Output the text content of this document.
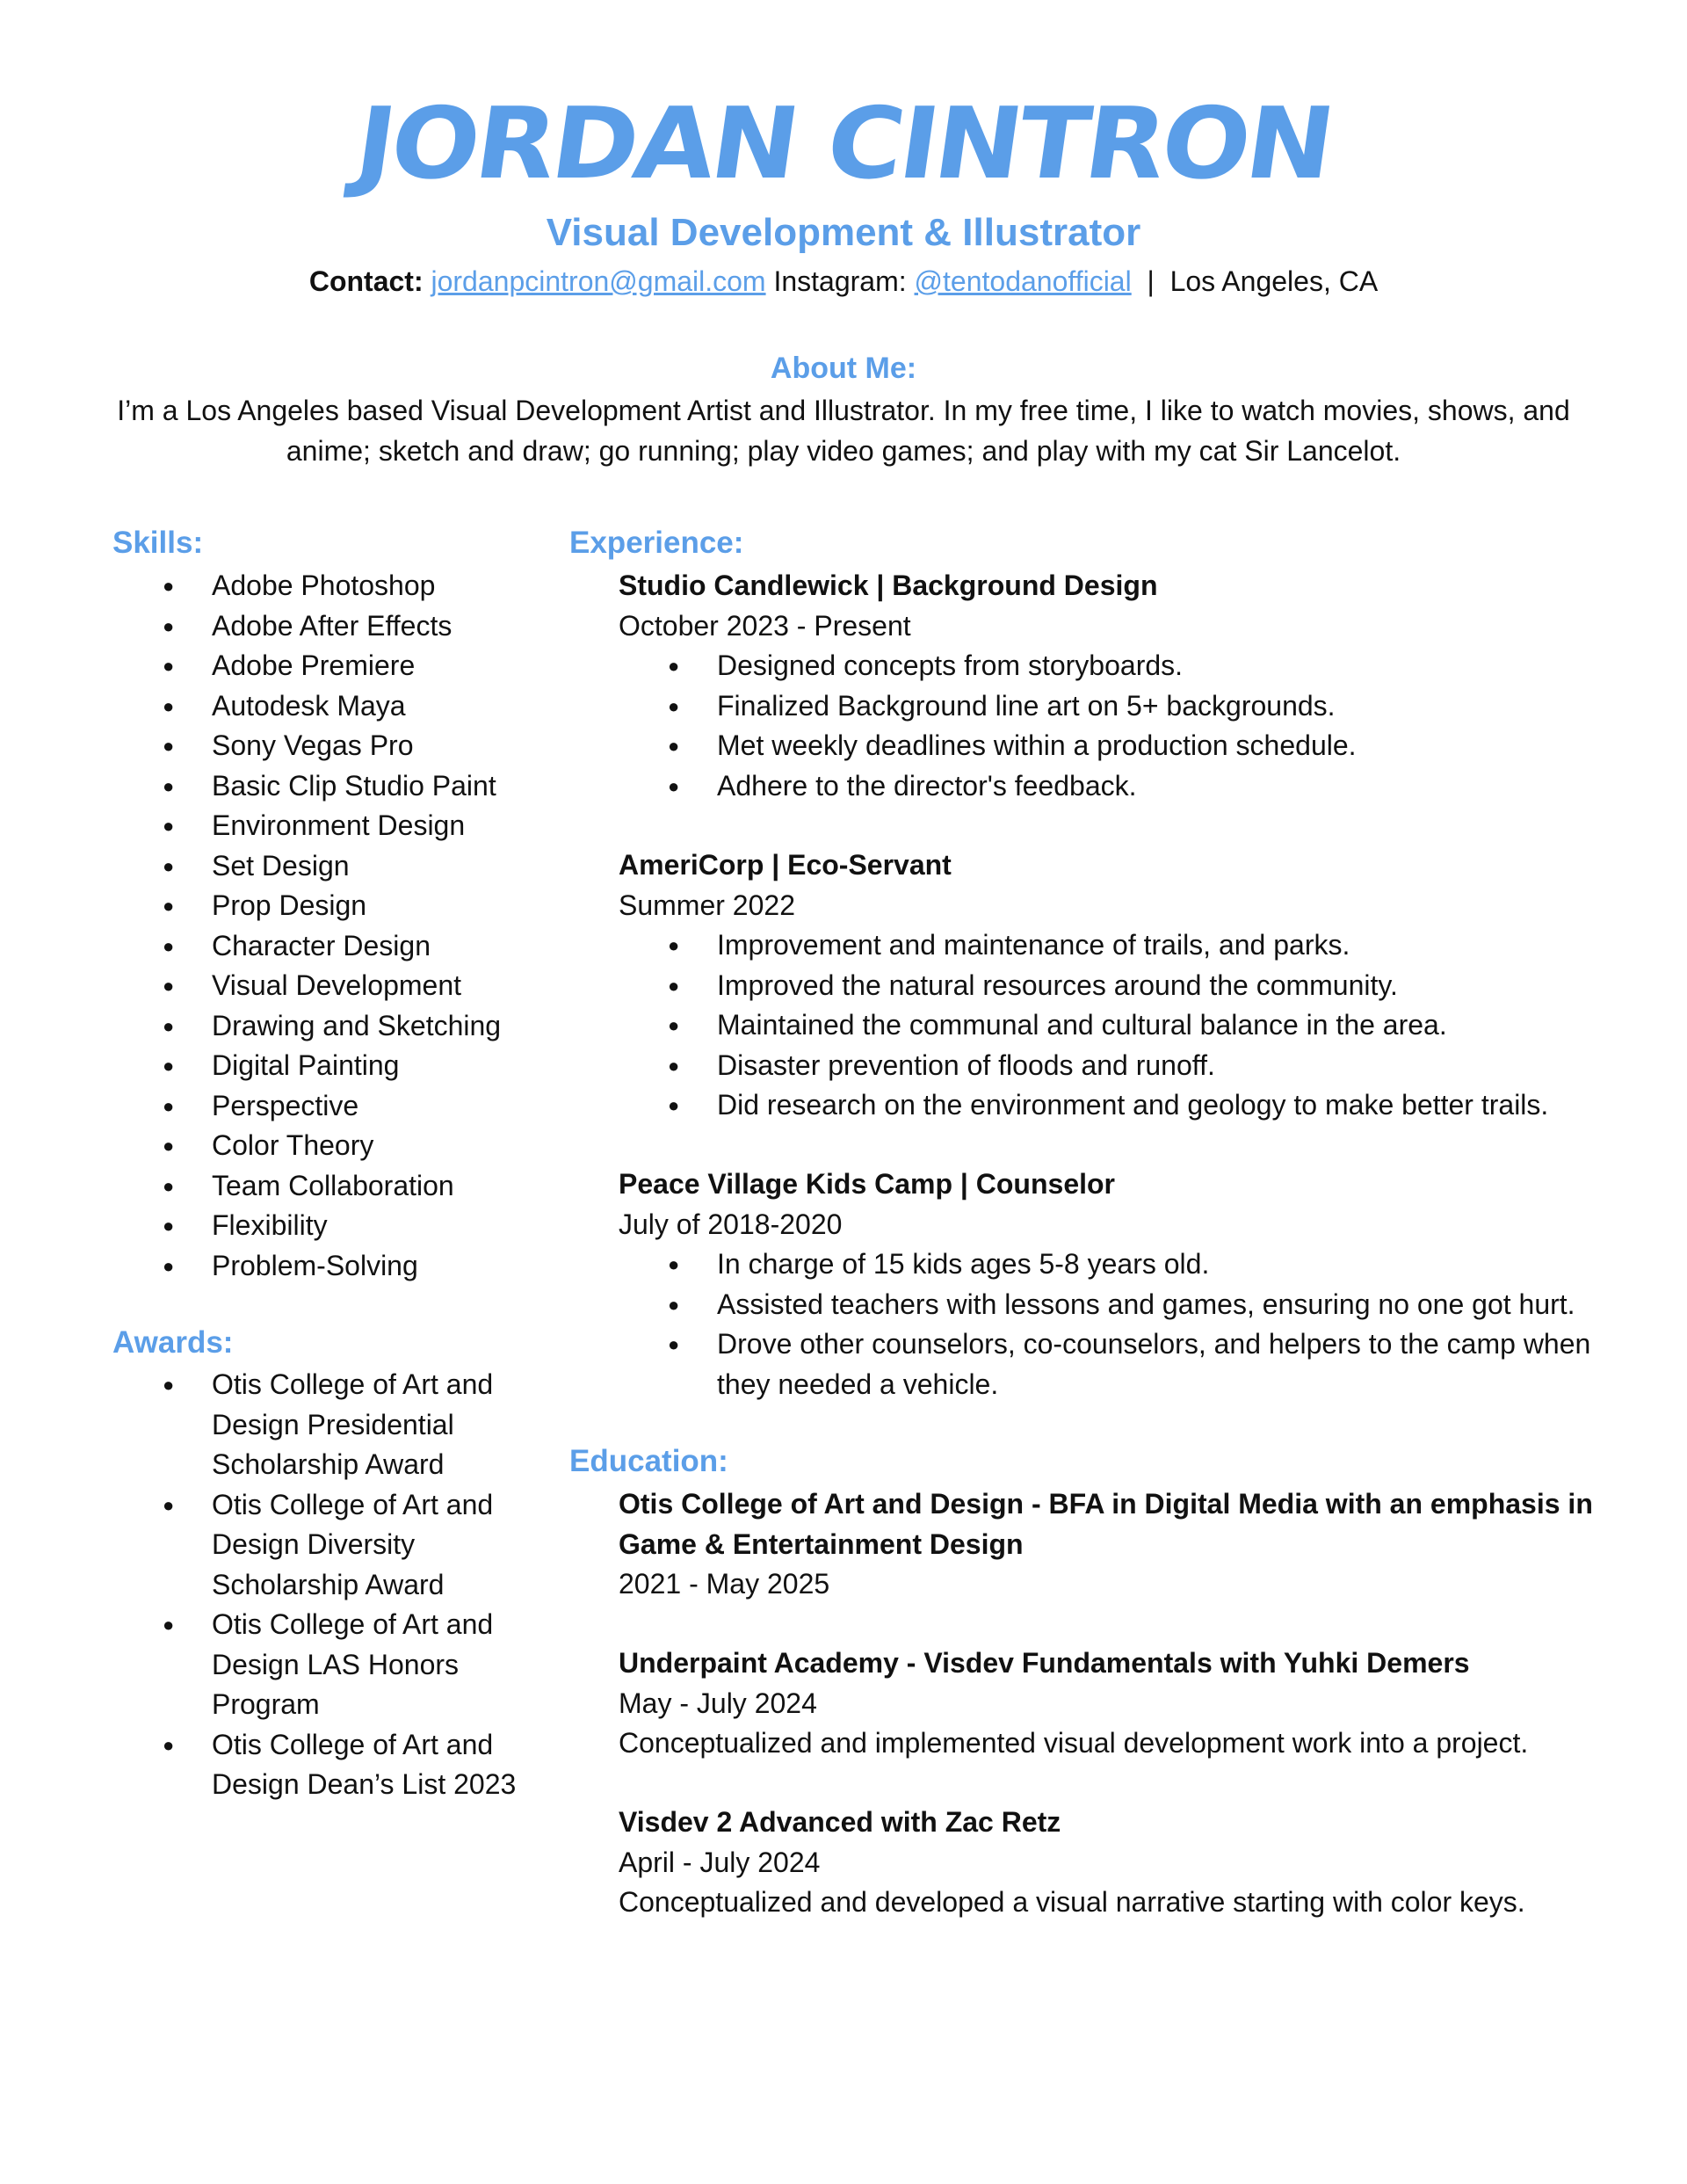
JORDAN CINTRON
Visual Development & Illustrator
Contact: jordanpcintron@gmail.com Instagram: @tentodanofficial | Los Angeles, CA
About Me:
I’m a Los Angeles based Visual Development Artist and Illustrator. In my free time, I like to watch movies, shows, and anime; sketch and draw; go running; play video games; and play with my cat Sir Lancelot.
Skills:
● Adobe Photoshop
● Adobe After Effects
● Adobe Premiere
● Autodesk Maya
● Sony Vegas Pro
● Basic Clip Studio Paint
● Environment Design
● Set Design
● Prop Design
● Character Design
● Visual Development
● Drawing and Sketching
● Digital Painting
● Perspective
● Color Theory
● Team Collaboration
● Flexibility
● Problem-Solving
Awards:
● Otis College of Art and Design Presidential Scholarship Award
● Otis College of Art and Design Diversity Scholarship Award
● Otis College of Art and Design LAS Honors Program
● Otis College of Art and Design Dean’s List 2023
Experience:
Studio Candlewick | Background Design
October 2023 - Present
● Designed concepts from storyboards.
● Finalized Background line art on 5+ backgrounds.
● Met weekly deadlines within a production schedule.
● Adhere to the director's feedback.
AmeriCorp | Eco-Servant
Summer 2022
● Improvement and maintenance of trails, and parks.
● Improved the natural resources around the community.
● Maintained the communal and cultural balance in the area.
● Disaster prevention of floods and runoff.
● Did research on the environment and geology to make better trails.
Peace Village Kids Camp | Counselor
July of 2018-2020
● In charge of 15 kids ages 5-8 years old.
● Assisted teachers with lessons and games, ensuring no one got hurt.
● Drove other counselors, co-counselors, and helpers to the camp when they needed a vehicle.
Education:
Otis College of Art and Design - BFA in Digital Media with an emphasis in Game & Entertainment Design
2021 - May 2025
Underpaint Academy - Visdev Fundamentals with Yuhki Demers
May - July 2024
Conceptualized and implemented visual development work into a project.
Visdev 2 Advanced with Zac Retz
April - July 2024
Conceptualized and developed a visual narrative starting with color keys.
